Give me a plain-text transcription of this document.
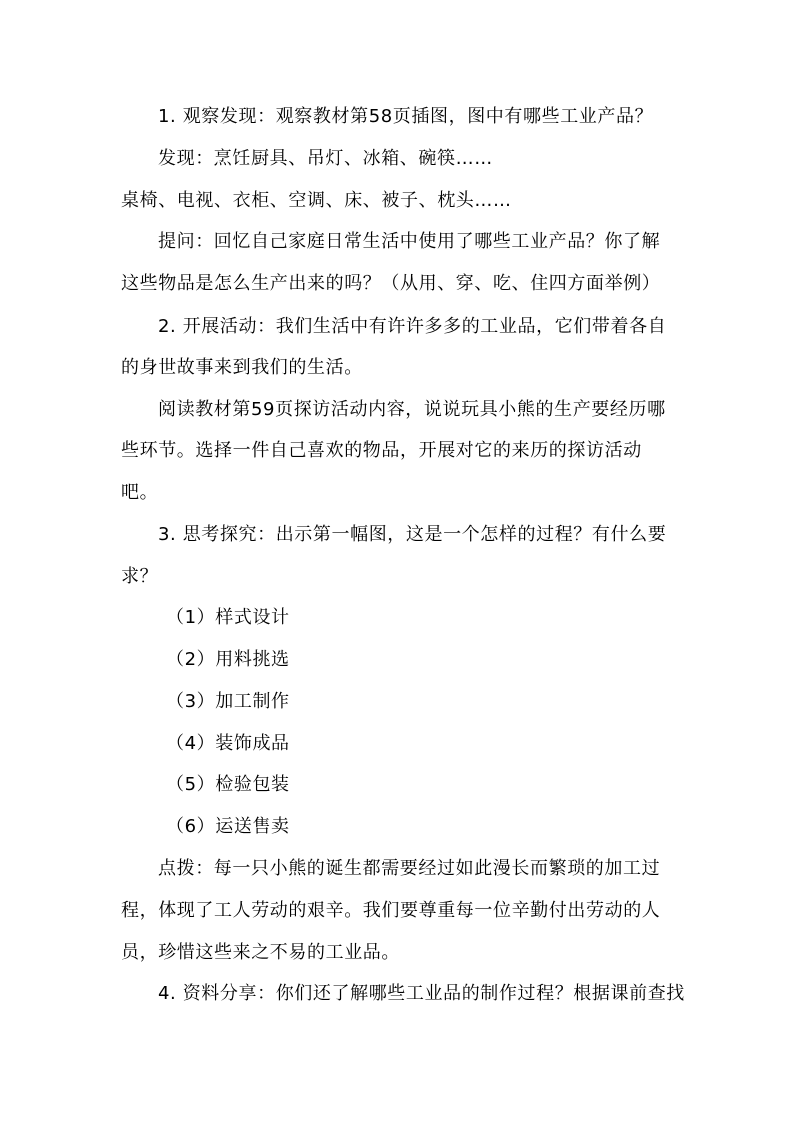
1. 观察发现：观察教材第58页插图，图中有哪些工业产品？
发现：烹饪厨具、吊灯、冰箱、碗筷……
桌椅、电视、衣柜、空调、床、被子、枕头……
提问：回忆自己家庭日常生活中使用了哪些工业产品？你了解
这些物品是怎么生产出来的吗？（从用、穿、吃、住四方面举例）
2. 开展活动：我们生活中有许许多多的工业品，它们带着各自
的身世故事来到我们的生活。
阅读教材第59页探访活动内容，说说玩具小熊的生产要经历哪
些环节。选择一件自己喜欢的物品，开展对它的来历的探访活动
吧。
3. 思考探究：出示第一幅图，这是一个怎样的过程？有什么要
求？
（1）样式设计
（2）用料挑选
（3）加工制作
（4）装饰成品
（5）检验包装
（6）运送售卖
点拨：每一只小熊的诞生都需要经过如此漫长而繁琐的加工过
程，体现了工人劳动的艰辛。我们要尊重每一位辛勤付出劳动的人
员，珍惜这些来之不易的工业品。
4. 资料分享：你们还了解哪些工业品的制作过程？根据课前查找
